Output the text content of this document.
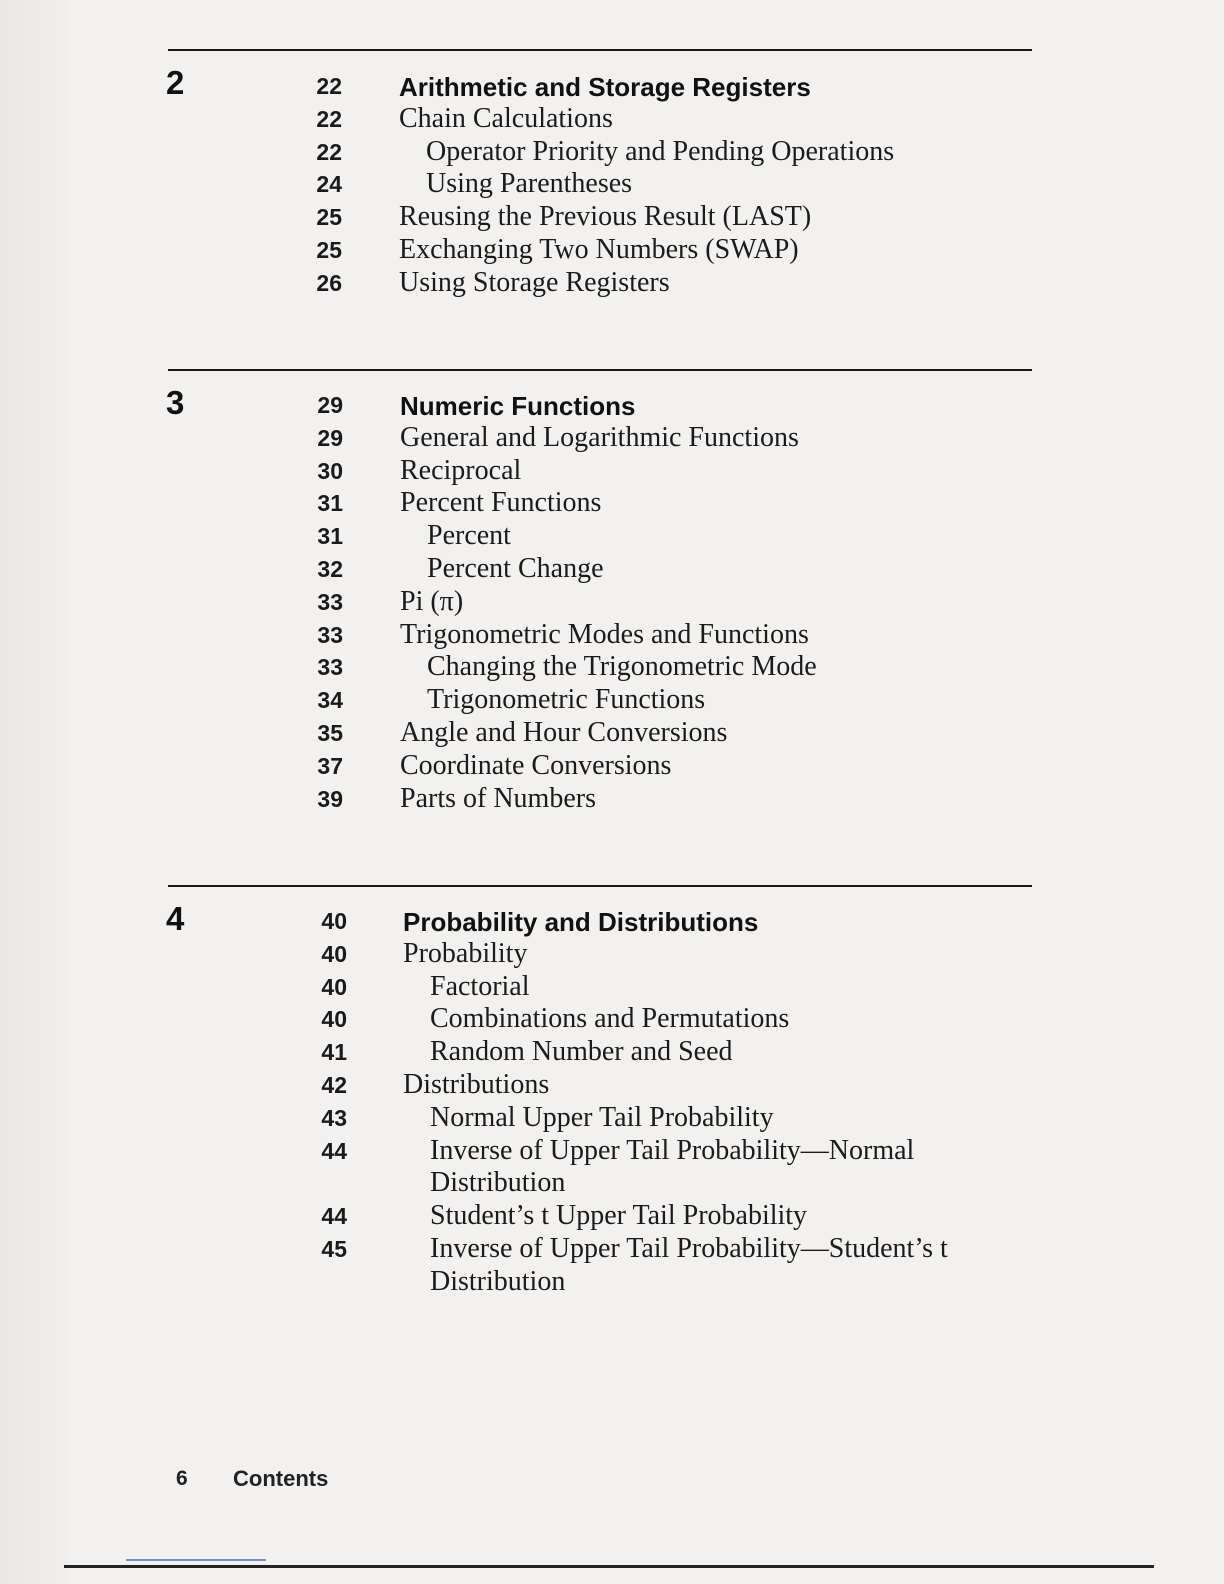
2	22 Arithmetic and Storage Registers
22 Chain Calculations
22	Operator Priority and Pending Operations
24	Using Parentheses
25 Reusing the Previous Result (LAST)
25 Exchanging Two Numbers (SWAP)
26 Using Storage Registers
3	29 Numeric Functions
29 General and Logarithmic Functions
30 Reciprocal
31 Percent Functions
31	Percent
32	Percent Change
33 Pi (π)
33 Trigonometric Modes and Functions
33	Changing the Trigonometric Mode
34	Trigonometric Functions
35 Angle and Hour Conversions
37 Coordinate Conversions
39 Parts of Numbers
4	40 Probability and Distributions
40 Probability
40	Factorial
40	Combinations and Permutations
41	Random Number and Seed
42 Distributions
43	Normal Upper Tail Probability
44	Inverse of Upper Tail Probability—Normal Distribution
44	Student’s t Upper Tail Probability
45	Inverse of Upper Tail Probability—Student’s t Distribution
6 Contents
